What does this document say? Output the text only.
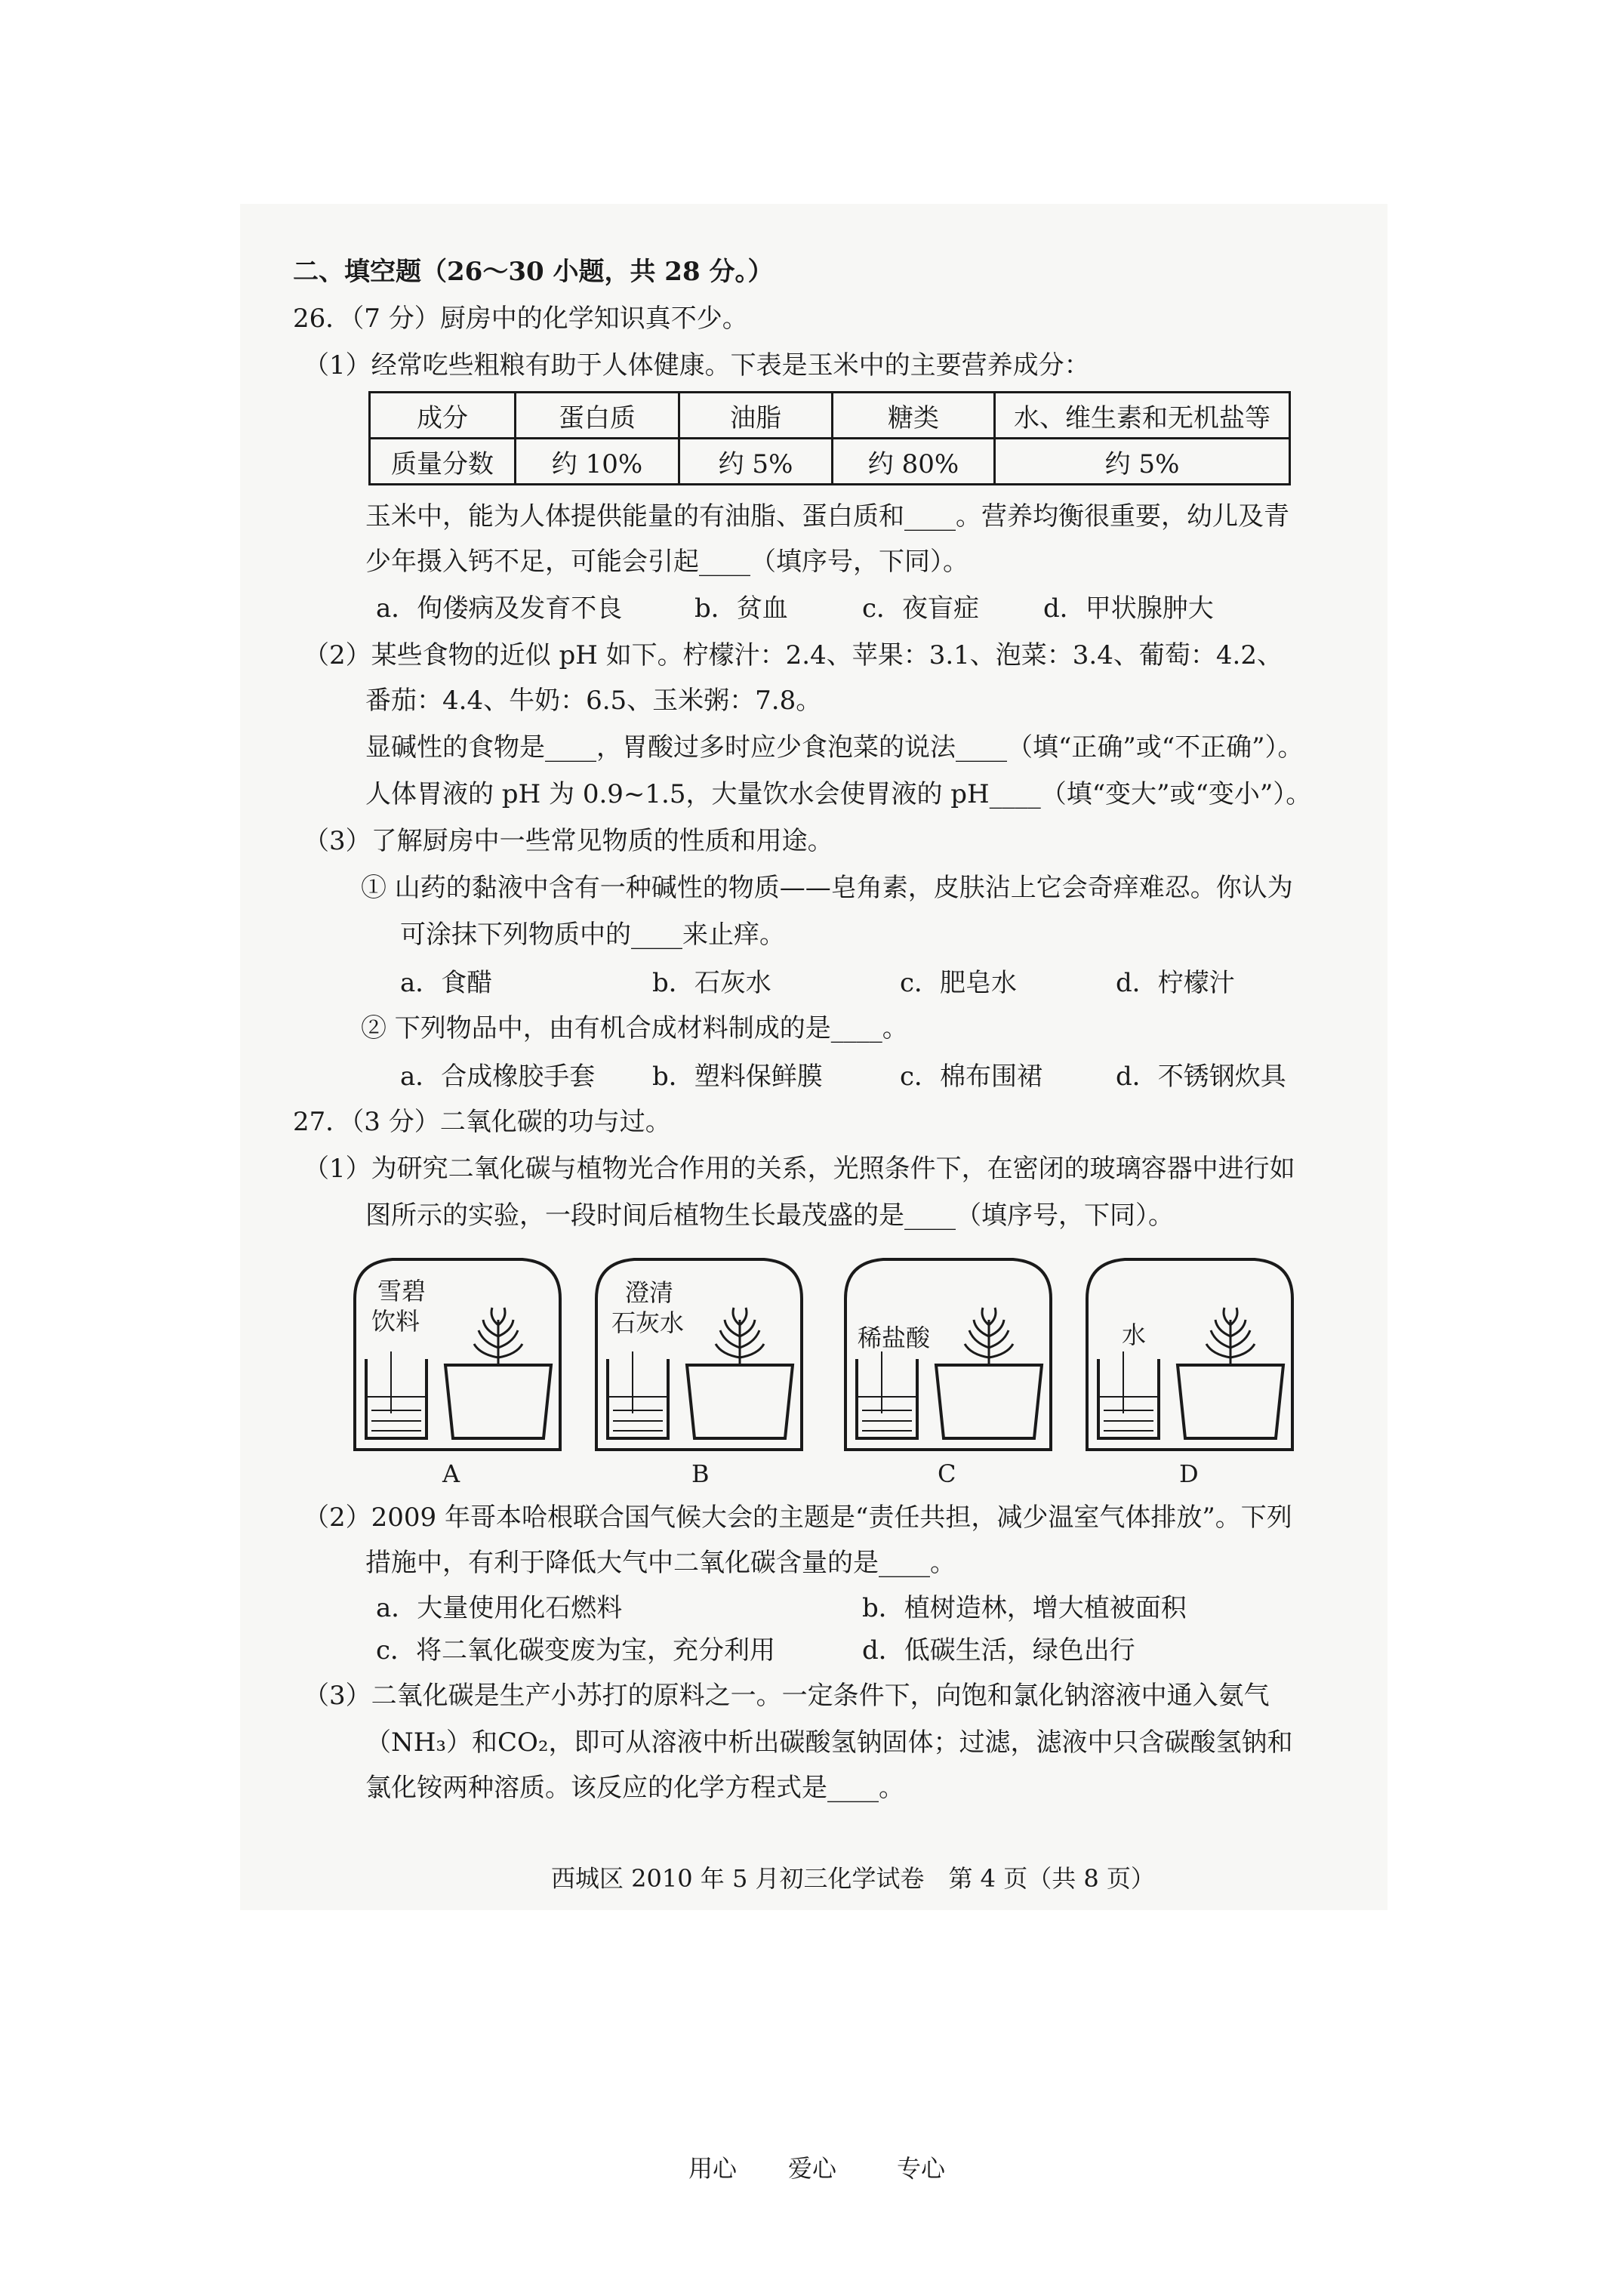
二、填空题（26～30 小题，共 28 分。）
26．（7 分）厨房中的化学知识真不少。
（1）经常吃些粗粮有助于人体健康。下表是玉米中的主要营养成分：
成分	蛋白质	油脂	糖类	水、维生素和无机盐等
质量分数	约 10%	约 5%	约 80%	约 5%
玉米中，能为人体提供能量的有油脂、蛋白质和____。营养均衡很重要，幼儿及青
少年摄入钙不足，可能会引起____（填序号，下同）。
a．佝偻病及发育不良	b．贫血	c．夜盲症 d．甲状腺肿大
（2）某些食物的近似 pH 如下。柠檬汁：2.4、苹果：3.1、泡菜：3.4、葡萄：4.2、
番茄：4.4、牛奶：6.5、玉米粥：7.8。
显碱性的食物是____，胃酸过多时应少食泡菜的说法____（填“正确”或“不正确”）。
人体胃液的 pH 为 0.9~1.5，大量饮水会使胃液的 pH____（填“变大”或“变小”）。
（3）了解厨房中一些常见物质的性质和用途。
① 山药的黏液中含有一种碱性的物质——皂角素，皮肤沾上它会奇痒难忍。你认为
可涂抹下列物质中的____来止痒。
a．食醋	b．石灰水	c．肥皂水	d．柠檬汁
② 下列物品中，由有机合成材料制成的是____。
a．合成橡胶手套 b．塑料保鲜膜	c．棉布围裙	d．不锈钢炊具
27．（3 分）二氧化碳的功与过。
（1）为研究二氧化碳与植物光合作用的关系，光照条件下，在密闭的玻璃容器中进行如
图所示的实验，一段时间后植物生长最茂盛的是____（填序号，下同）。
雪碧
饮料
A
澄清
石灰水
B
稀盐酸
C
水
D
（2）2009 年哥本哈根联合国气候大会的主题是“责任共担，减少温室气体排放”。下列
措施中，有利于降低大气中二氧化碳含量的是____。
a．大量使用化石燃料	b．植树造林，增大植被面积
c．将二氧化碳变废为宝，充分利用	d．低碳生活，绿色出行
（3）二氧化碳是生产小苏打的原料之一。一定条件下，向饱和氯化钠溶液中通入氨气
（NH₃）和CO₂，即可从溶液中析出碳酸氢钠固体；过滤，滤液中只含碳酸氢钠和
氯化铵两种溶质。该反应的化学方程式是____。
西城区 2010 年 5 月初三化学试卷　第 4 页（共 8 页）
用心 爱心 专心
